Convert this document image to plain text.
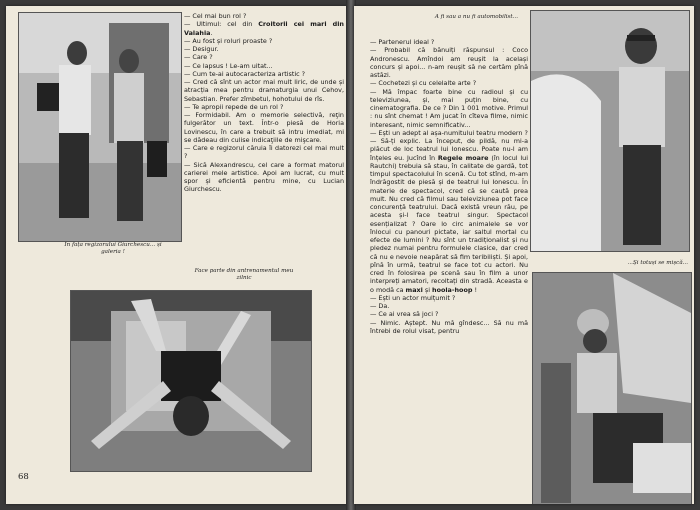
In fața regizorului Giurchescu... și galeria !

— Cel mai bun rol ?

— Ultimul: cel din Croitorii cei mari din Valahia.

— Au fost și roluri proaste ?

— Desigur.

— Care ?

— Ce lapsus ! Le-am uitat...

— Cum te-ai autocaracteriza artistic ?

— Cred că sînt un actor mai mult liric, de unde și atracția mea pentru dramaturgia unui Cehov, Sebastian. Prefer zîmbetul, hohotului de rîs.

— Te apropii repede de un rol ?

— Formidabil. Am o memorie selectivă, reţin fulgerător un text. Într-o piesă de Horia Lovinescu, în care a trebuit să intru imediat, mi se dădeau din culise indicaţiile de mişcare.

— Care e regizorul căruia îi datorezi cel mai mult ?

— Sică Alexandrescu, cel care a format matorul carierei mele artistice. Apoi am lucrat, cu mult spor și eficientă pentru mine, cu Lucian Giurchescu.

Face parte din antrenamentul meu zilnic
68
A fi sau a nu fi automobilist...

— Partenerul ideal ?

— Probabil că bănuiți răspunsul : Coco Andronescu. Amîndoi am reușit la același concurs și apoi... n-am reușit să ne certăm pînă astăzi.

— Cochetezi și cu celelalte arte ?

— Mă împac foarte bine cu radioul și cu televiziunea, și, mai puțin bine, cu cinematografia. De ce ? Din 1 001 motive. Primul : nu sînt chemat ! Am jucat în cîteva filme, nimic interesant, nimic semnificativ...

— Ești un adept al așa-numitului teatru modern ?

— Să-ți explic. La început, de pildă, nu mi-a plăcut de loc teatrul lui Ionescu. Poate nu-l am înțeles eu. Jucînd în Regele moare (în locul lui Rautchi) trebuia să stau, în calitate de gardă, tot timpul spectacolului în scenă. Cu tot stînd, m-am îndrăgostit de piesă și de teatrul lui Ionescu. În materie de spectacol, cred că se caută prea mult. Nu cred că filmul sau televiziunea pot face concurență teatrului. Dacă există vreun rău, pe acesta și-l face teatrul singur. Spectacol esențializat ? Oare lo circ animalele se vor înlocui cu panouri pictate, iar saltul mortal cu efecte de lumini ? Nu sînt un tradiționalist și nu pledez numai pentru formulele clasice, dar cred că nu e nevoie neapărat să fim teribiliști. Și apoi, pînă în urmă, teatrul se face tot cu actori. Nu cred în folosirea pe scenă sau în film a unor interpreți amatori, recoltați din stradă. Aceasta e o modă ca maxi și hoola-hoop !

— Ești un actor mulțumit ?

— Da.

— Ce ai vrea să joci ?

— Nimic. Aștept. Nu mă gîndesc... Să nu mă întrebi de rolul visat, pentru

...Și totuși se mișcă...
